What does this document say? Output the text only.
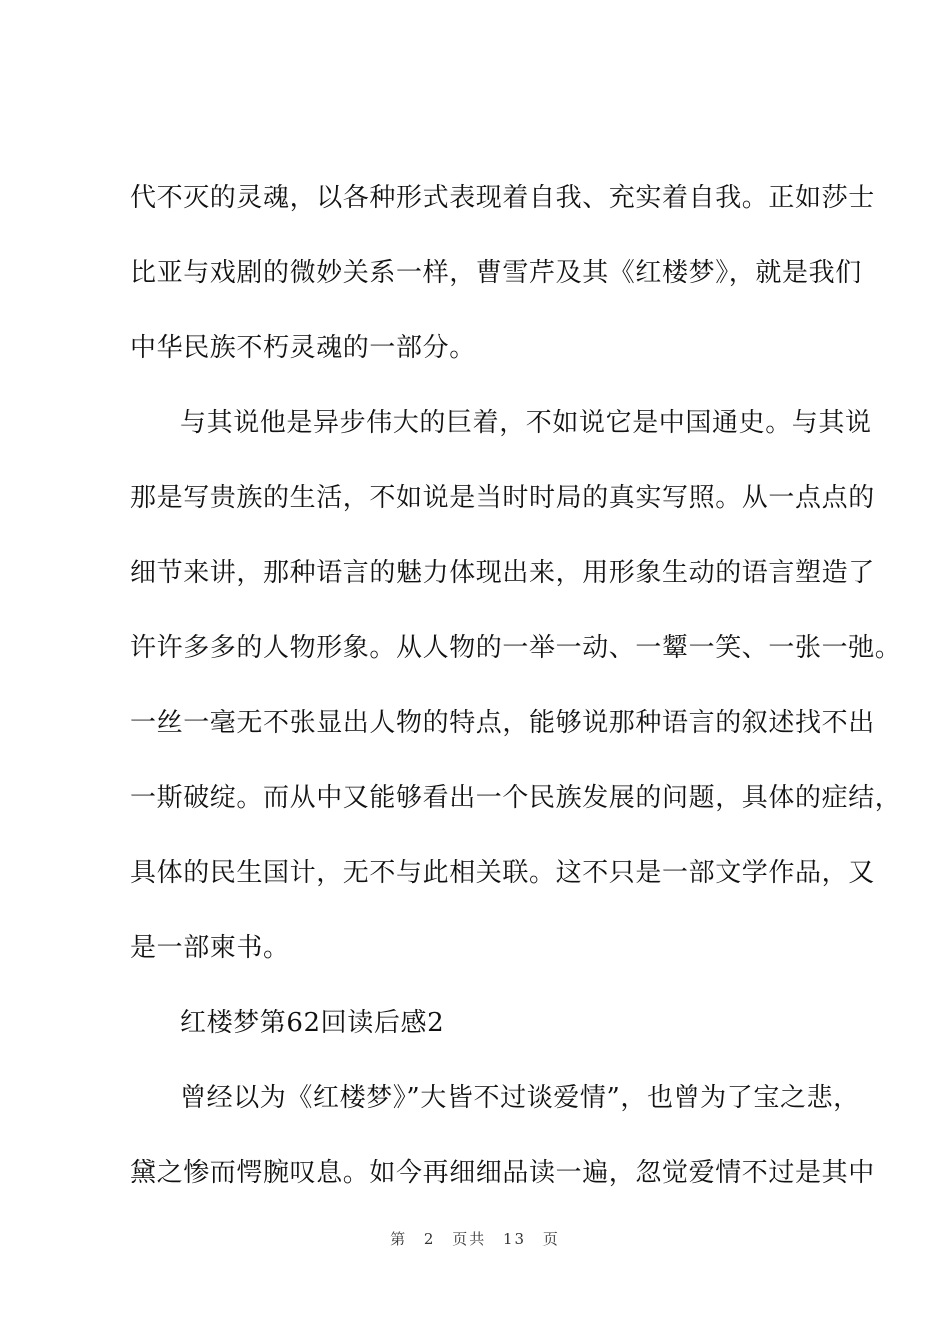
代不灭的灵魂，以各种形式表现着自我、充实着自我。正如莎士
比亚与戏剧的微妙关系一样，曹雪芹及其《红楼梦》，就是我们
中华民族不朽灵魂的一部分。
与其说他是异步伟大的巨着，不如说它是中国通史。与其说
那是写贵族的生活，不如说是当时时局的真实写照。从一点点的
细节来讲，那种语言的魅力体现出来，用形象生动的语言塑造了
许许多多的人物形象。从人物的一举一动、一颦一笑、一张一弛。
一丝一毫无不张显出人物的特点，能够说那种语言的叙述找不出
一斯破绽。而从中又能够看出一个民族发展的问题，具体的症结，
具体的民生国计，无不与此相关联。这不只是一部文学作品，又
是一部柬书。
红楼梦第62回读后感2
曾经以为《红楼梦》”大皆不过谈爱情”，也曾为了宝之悲，
黛之惨而愕腕叹息。如今再细细品读一遍，忽觉爱情不过是其中
第 2 页共 13 页
